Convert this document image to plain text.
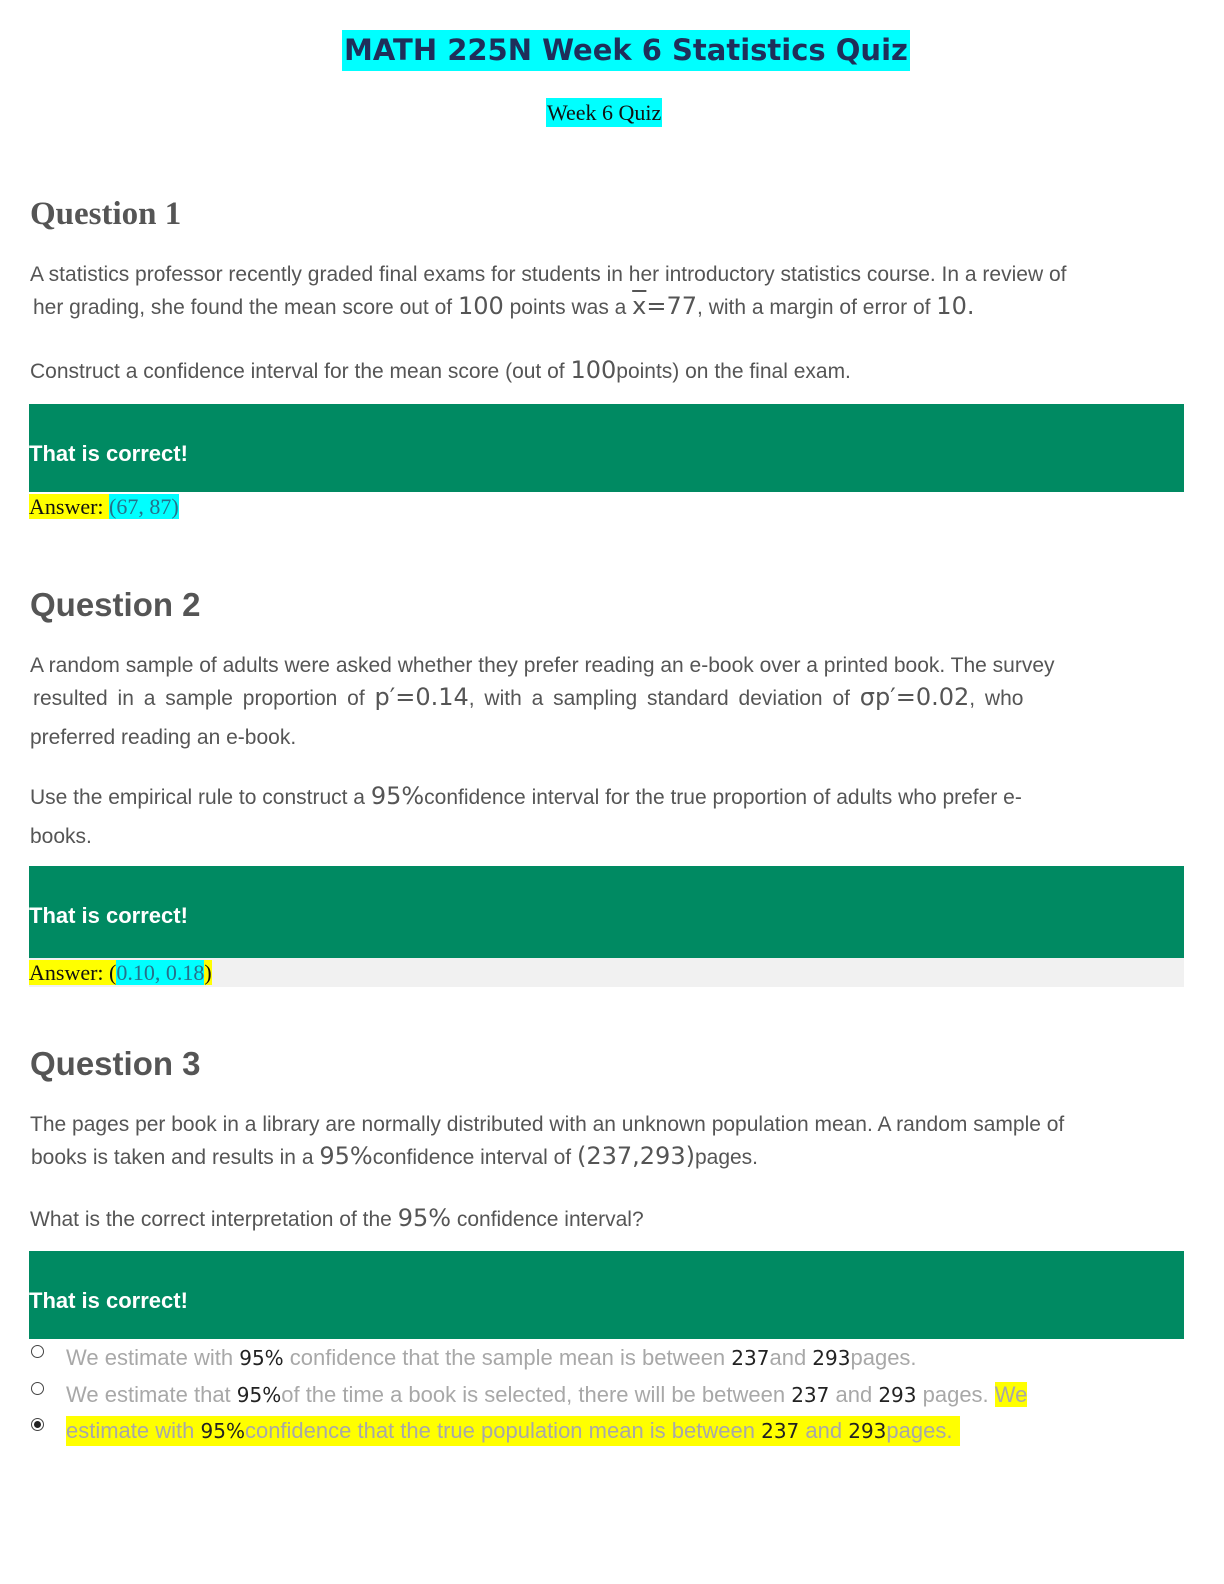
MATH 225N Week 6 Statistics Quiz
Week 6 Quiz
Question 1
A statistics professor recently graded final exams for students in her introductory statistics course. In a review of
her grading, she found the mean score out of 100 points was a $\overline{x}=77$, with a margin of error of 10.
Construct a confidence interval for the mean score (out of 100points) on the final exam.
That is correct!
Answer: (67, 87)
Question 2
A random sample of adults were asked whether they prefer reading an e-book over a printed book. The survey
resulted in a sample proportion of p′=0.14, with a sampling standard deviation of σp′=0.02, who
preferred reading an e-book.
Use the empirical rule to construct a 95%confidence interval for the true proportion of adults who prefer e-
books.
That is correct!
Answer: (0.10, 0.18)
Question 3
The pages per book in a library are normally distributed with an unknown population mean. A random sample of
books is taken and results in a 95%confidence interval of (237,293)pages.
What is the correct interpretation of the 95% confidence interval?
That is correct!
We estimate with 95% confidence that the sample mean is between 237and 293pages.
We estimate that 95%of the time a book is selected, there will be between 237 and 293 pages. We
estimate with 95%confidence that the true population mean is between 237 and 293pages.
